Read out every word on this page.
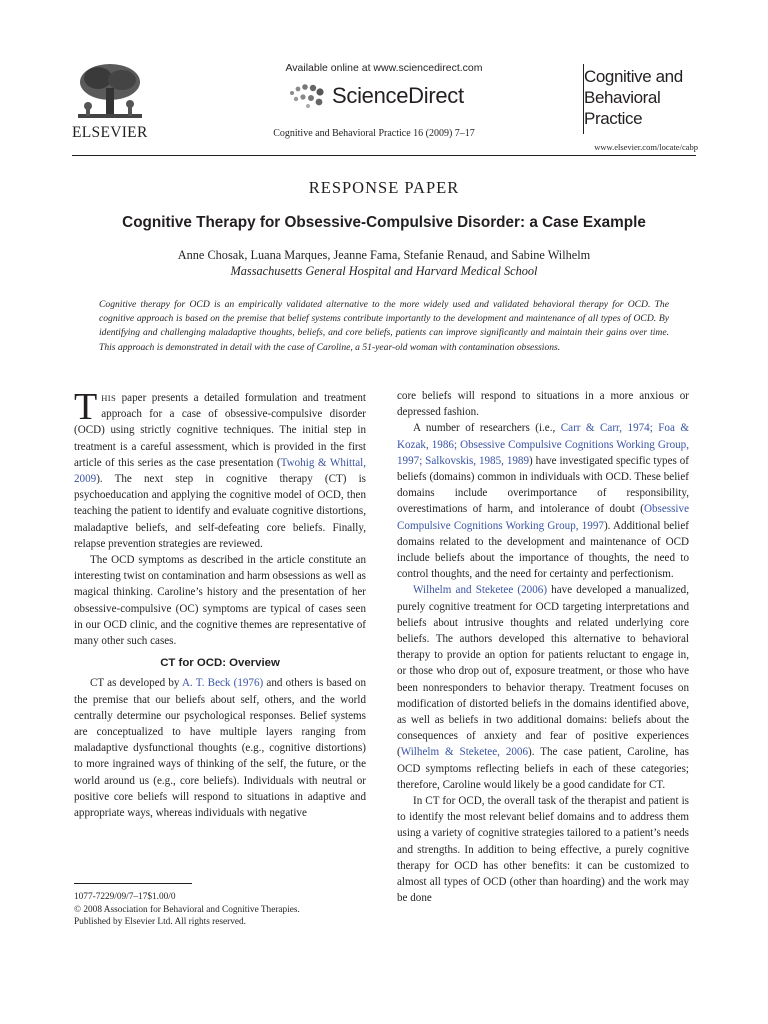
ELSEVIER
Available online at www.sciencedirect.com
ScienceDirect
Cognitive and Behavioral Practice 16 (2009) 7–17
Cognitive and
Behavioral
Practice
www.elsevier.com/locate/cabp
RESPONSE PAPER
Cognitive Therapy for Obsessive-Compulsive Disorder: a Case Example
Anne Chosak, Luana Marques, Jeanne Fama, Stefanie Renaud, and Sabine Wilhelm
Massachusetts General Hospital and Harvard Medical School
Cognitive therapy for OCD is an empirically validated alternative to the more widely used and validated behavioral therapy for OCD. The cognitive approach is based on the premise that belief systems contribute importantly to the development and maintenance of all types of OCD. By identifying and challenging maladaptive thoughts, beliefs, and core beliefs, patients can improve significantly and maintain their gains over time. This approach is demonstrated in detail with the case of Caroline, a 51-year-old woman with contamination obsessions.

THIS paper presents a detailed formulation and treatment approach for a case of obsessive-compulsive disorder (OCD) using strictly cognitive techniques. The initial step in treatment is a careful assessment, which is provided in the first article of this series as the case presentation (Twohig & Whittal, 2009). The next step in cognitive therapy (CT) is psychoeducation and applying the cognitive model of OCD, then teaching the patient to identify and evaluate cognitive distortions, maladaptive beliefs, and self-defeating core beliefs. Finally, relapse prevention strategies are reviewed.

The OCD symptoms as described in the article constitute an interesting twist on contamination and harm obsessions as well as magical thinking. Caroline’s history and the presentation of her obsessive-compulsive (OC) symptoms are typical of cases seen in our OCD clinic, and the cognitive themes are representative of many other such cases.

CT for OCD: Overview

CT as developed by A. T. Beck (1976) and others is based on the premise that our beliefs about self, others, and the world centrally determine our psychological responses. Belief systems are conceptualized to have multiple layers ranging from maladaptive dysfunctional thoughts (e.g., cognitive distortions) to more ingrained ways of thinking of the self, the future, or the world around us (e.g., core beliefs). Individuals with neutral or positive core beliefs will respond to situations in adaptive and appropriate ways, whereas individuals with negative

core beliefs will respond to situations in a more anxious or depressed fashion.

A number of researchers (i.e., Carr & Carr, 1974; Foa & Kozak, 1986; Obsessive Compulsive Cognitions Working Group, 1997; Salkovskis, 1985, 1989) have investigated specific types of beliefs (domains) common in individuals with OCD. These belief domains include overimportance of responsibility, overestimations of harm, and intolerance of doubt (Obsessive Compulsive Cognitions Working Group, 1997). Additional belief domains related to the development and maintenance of OCD include beliefs about the importance of thoughts, the need to control thoughts, and the need for certainty and perfectionism.

Wilhelm and Steketee (2006) have developed a manualized, purely cognitive treatment for OCD targeting interpretations and beliefs about intrusive thoughts and related underlying core beliefs. The authors developed this alternative to behavioral therapy to provide an option for patients reluctant to engage in, or those who drop out of, exposure treatment, or those who have been nonresponders to behavior therapy. Treatment focuses on modification of distorted beliefs in the domains identified above, as well as beliefs in two additional domains: beliefs about the consequences of anxiety and fear of positive experiences (Wilhelm & Steketee, 2006). The case patient, Caroline, has OCD symptoms reflecting beliefs in each of these categories; therefore, Caroline would likely be a good candidate for CT.

In CT for OCD, the overall task of the therapist and patient is to identify the most relevant belief domains and to address them using a variety of cognitive strategies tailored to a patient’s needs and strengths. In addition to being effective, a purely cognitive therapy for OCD has other benefits: it can be customized to almost all types of OCD (other than hoarding) and the work may be done

1077-7229/09/7–17$1.00/0
© 2008 Association for Behavioral and Cognitive Therapies.
Published by Elsevier Ltd. All rights reserved.
